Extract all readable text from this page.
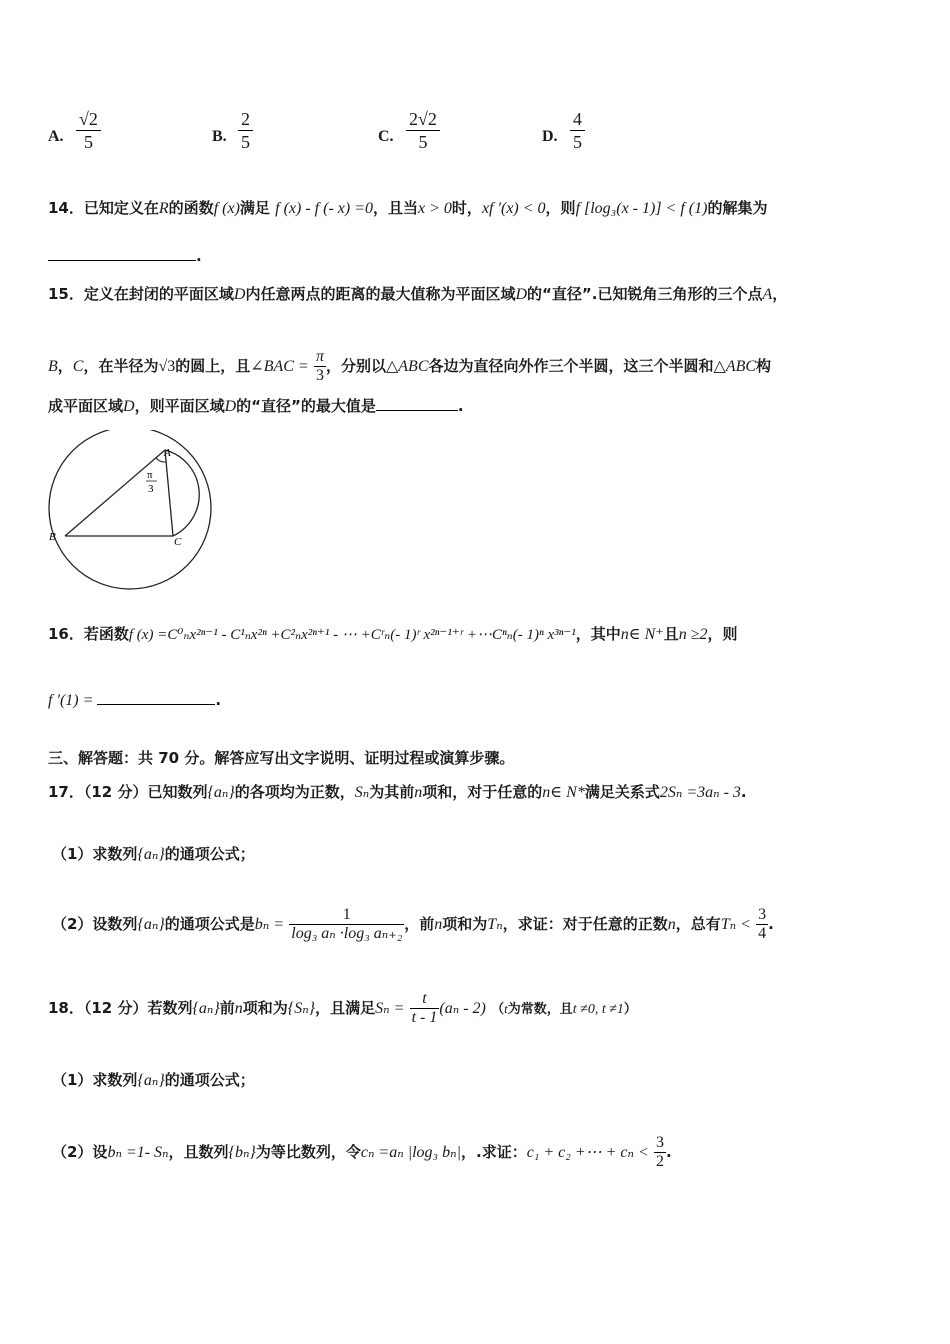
A. $\frac{√2}{5}$	B. $\frac{2}{5}$	C. $\frac{2√2}{5}$	D. $\frac{4}{5}$
14．已知定义在R的函数f (x)满足 f (x) - f (- x) =0，且当x > 0时，xf ′(x) < 0，则f [log₃(x - 1)] < f (1)的解集为
.
15．定义在封闭的平面区域D内任意两点的距离的最大值称为平面区域D的“直径”.已知锐角三角形的三个点A，
B，C，在半径为√3的圆上，且∠BAC = $\frac{\pi}{3}$ ，分别以△ABC各边为直径向外作三个半圆，这三个半圆和△ABC构
成平面区域D，则平面区域D的“直径”的最大值是	.
A
B	C
π
3
16．若函数f (x) =C⁰ₙx²ⁿ⁻¹ - C¹ₙx²ⁿ +C²ₙx²ⁿ⁺¹ - ⋯ +Cʳₙ(- 1)ʳ x²ⁿ⁻¹⁺ʳ +⋯Cⁿₙ(- 1)ⁿ x³ⁿ⁻¹，其中n∈ N⁺且n ≥2，则
f ′(1) =	.
三、解答题：共 70 分。解答应写出文字说明、证明过程或演算步骤。
17．（12 分）已知数列{aₙ}的各项均为正数，Sₙ为其前n项和，对于任意的n∈ N*满足关系式2Sₙ =3aₙ - 3.
（1）求数列{aₙ}的通项公式；
（2）设数列{aₙ}的通项公式是$b_n = \frac{1}{\text{log₃ aₙ ·log₃ aₙ₊₂}}$ ，前n项和为Tₙ，求证：对于任意的正数n，总有$T_n < \frac{3}{4}$ .
18．（12 分）若数列{aₙ}前n项和为{Sₙ}，且满足$S_n = \frac{t}{t - 1} (a_n - 2)$ （t为常数，且t ≠0, t ≠1）
（1）求数列{aₙ}的通项公式；
（2）设bₙ =1- Sₙ，且数列{bₙ}为等比数列，令cₙ =aₙ |log₃ bₙ|，.求证：c₁ + c₂ +⋯ + $c_n < \frac{3}{2}$ .
